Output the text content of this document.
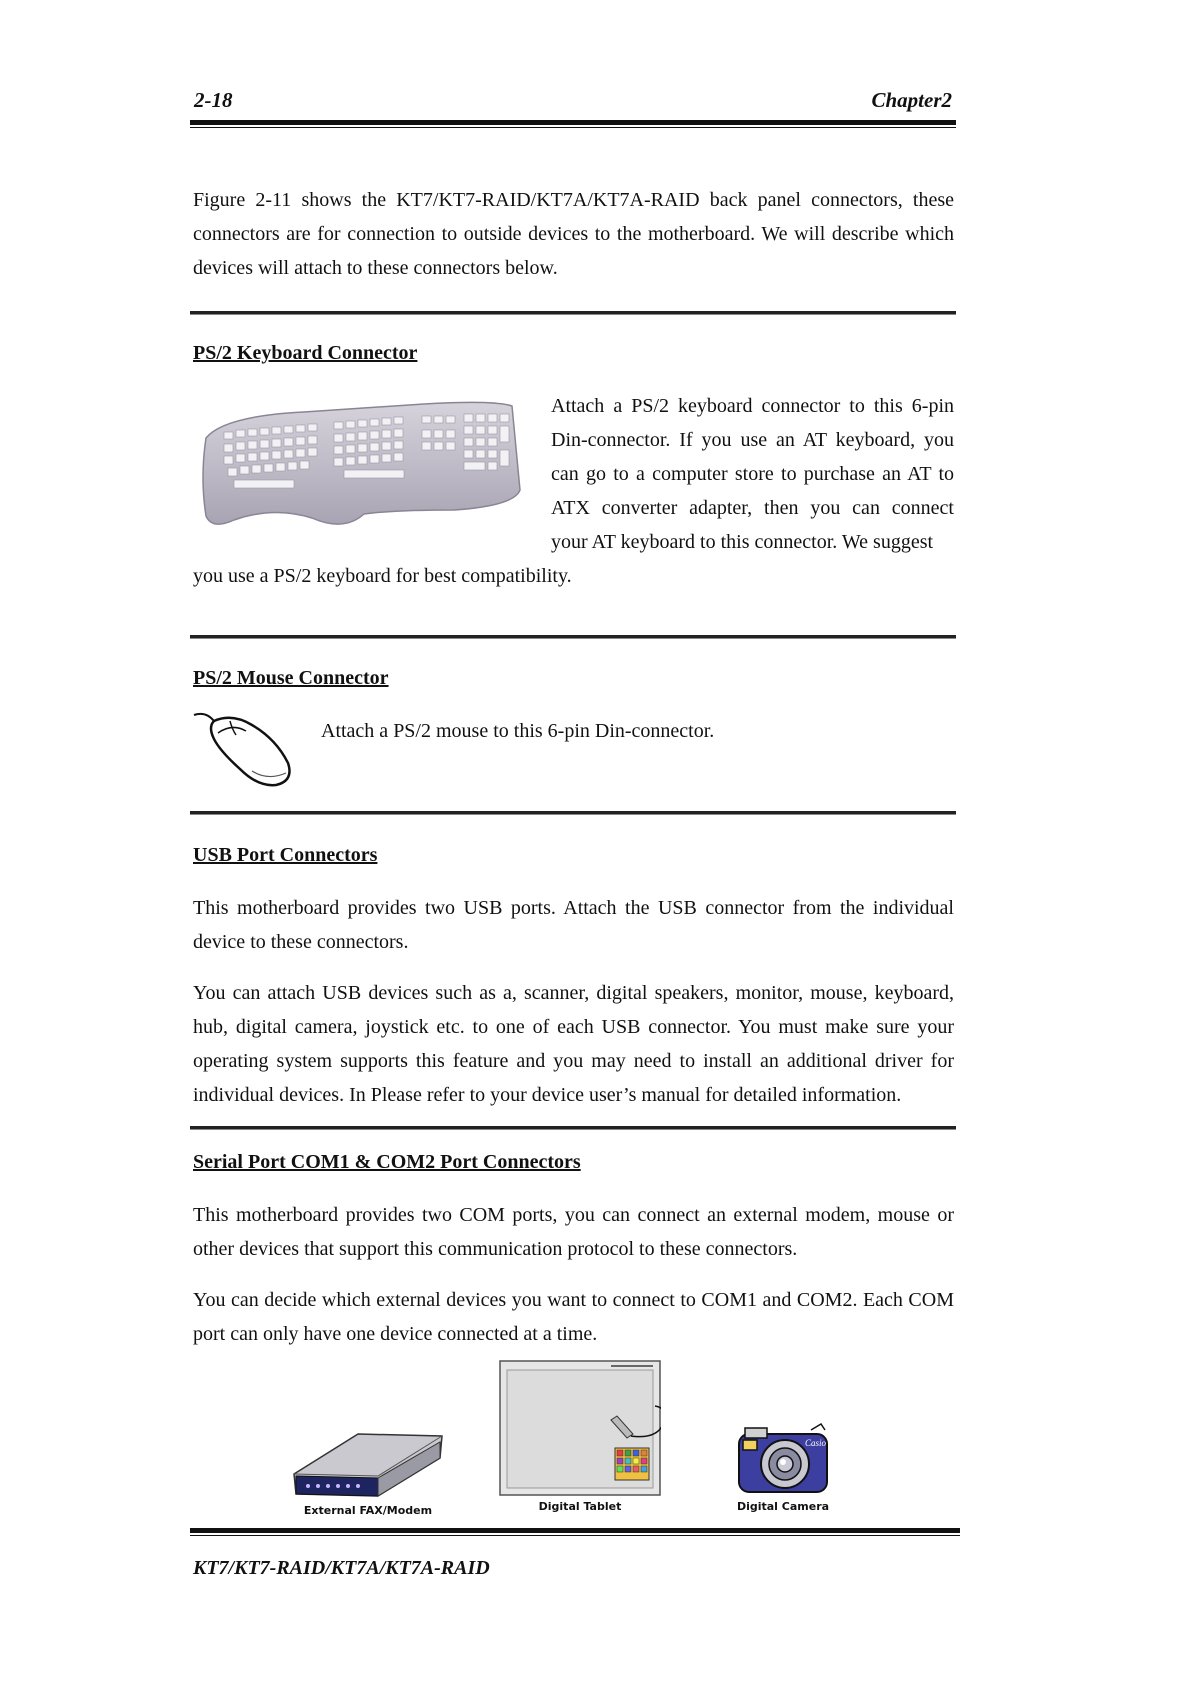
2-18	Chapter2

Figure 2-11 shows the KT7/KT7-RAID/KT7A/KT7A-RAID back panel connectors, these connectors are for connection to outside devices to the motherboard. We will describe which devices will attach to these connectors below.

PS/2 Keyboard Connector

Attach a PS/2 keyboard connector to this 6-pin Din-connector. If you use an AT keyboard, you can go to a computer store to purchase an AT to ATX converter adapter, then you can connect your AT keyboard to this connector. We suggest

you use a PS/2 keyboard for best compatibility.

PS/2 Mouse Connector

Attach a PS/2 mouse to this 6-pin Din-connector.

USB Port Connectors

This motherboard provides two USB ports. Attach the USB connector from the individual device to these connectors.

You can attach USB devices such as a, scanner, digital speakers, monitor, mouse, keyboard, hub, digital camera, joystick etc. to one of each USB connector. You must make sure your operating system supports this feature and you may need to install an additional driver for individual devices. In Please refer to your device user’s manual for detailed information.

Serial Port COM1 & COM2 Port Connectors

This motherboard provides two COM ports, you can connect an external modem, mouse or other devices that support this communication protocol to these connectors.

You can decide which external devices you want to connect to COM1 and COM2. Each COM port can only have one device connected at a time.

External FAX/Modem	Digital Tablet
Casio
Digital Camera
KT7/KT7-RAID/KT7A/KT7A-RAID
